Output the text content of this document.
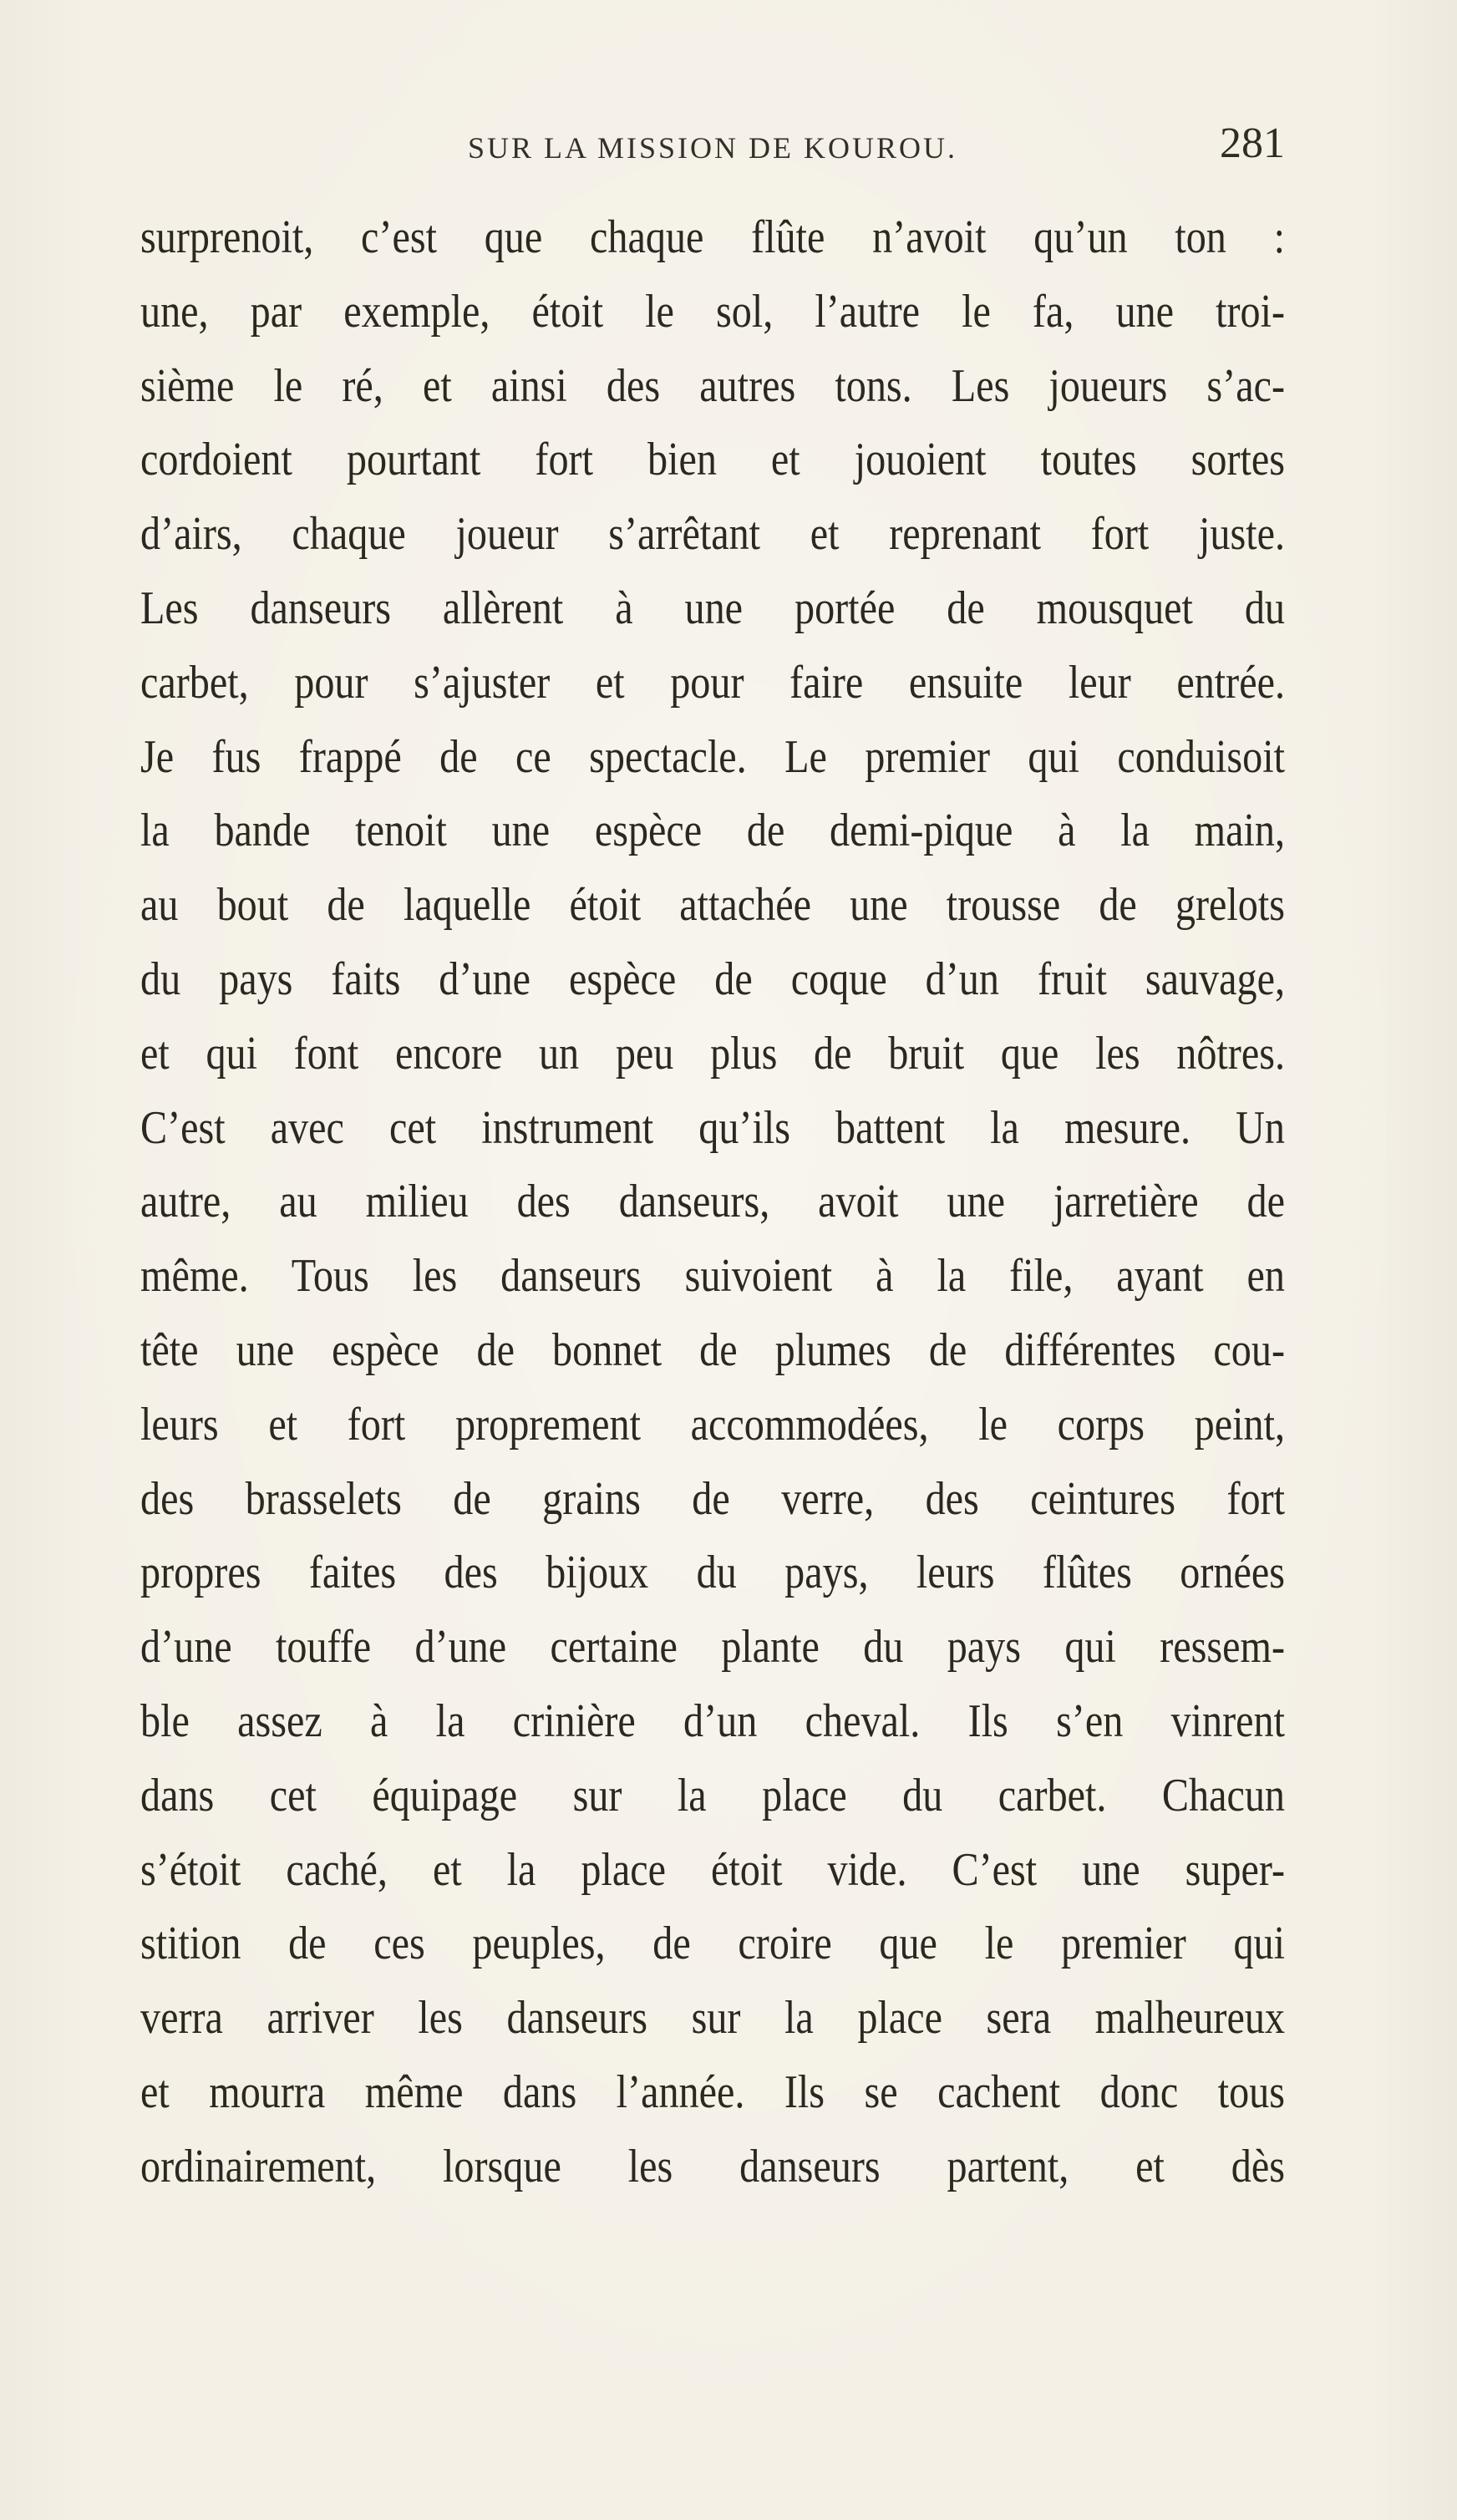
SUR LA MISSION DE KOUROU.	281
surprenoit, c’est que chaque flûte n’avoit qu’un ton :
une, par exemple, étoit le sol, l’autre le fa, une troi-
sième le ré, et ainsi des autres tons. Les joueurs s’ac-
cordoient pourtant fort bien et jouoient toutes sortes
d’airs, chaque joueur s’arrêtant et reprenant fort juste.
Les danseurs allèrent à une portée de mousquet du
carbet, pour s’ajuster et pour faire ensuite leur entrée.
Je fus frappé de ce spectacle. Le premier qui conduisoit
la bande tenoit une espèce de demi-pique à la main,
au bout de laquelle étoit attachée une trousse de grelots
du pays faits d’une espèce de coque d’un fruit sauvage,
et qui font encore un peu plus de bruit que les nôtres.
C’est avec cet instrument qu’ils battent la mesure. Un
autre, au milieu des danseurs, avoit une jarretière de
même. Tous les danseurs suivoient à la file, ayant en
tête une espèce de bonnet de plumes de différentes cou-
leurs et fort proprement accommodées, le corps peint,
des brasselets de grains de verre, des ceintures fort
propres faites des bijoux du pays, leurs flûtes ornées
d’une touffe d’une certaine plante du pays qui ressem-
ble assez à la crinière d’un cheval. Ils s’en vinrent
dans cet équipage sur la place du carbet. Chacun
s’étoit caché, et la place étoit vide. C’est une super-
stition de ces peuples, de croire que le premier qui
verra arriver les danseurs sur la place sera malheureux
et mourra même dans l’année. Ils se cachent donc tous
ordinairement, lorsque les danseurs partent, et dès
